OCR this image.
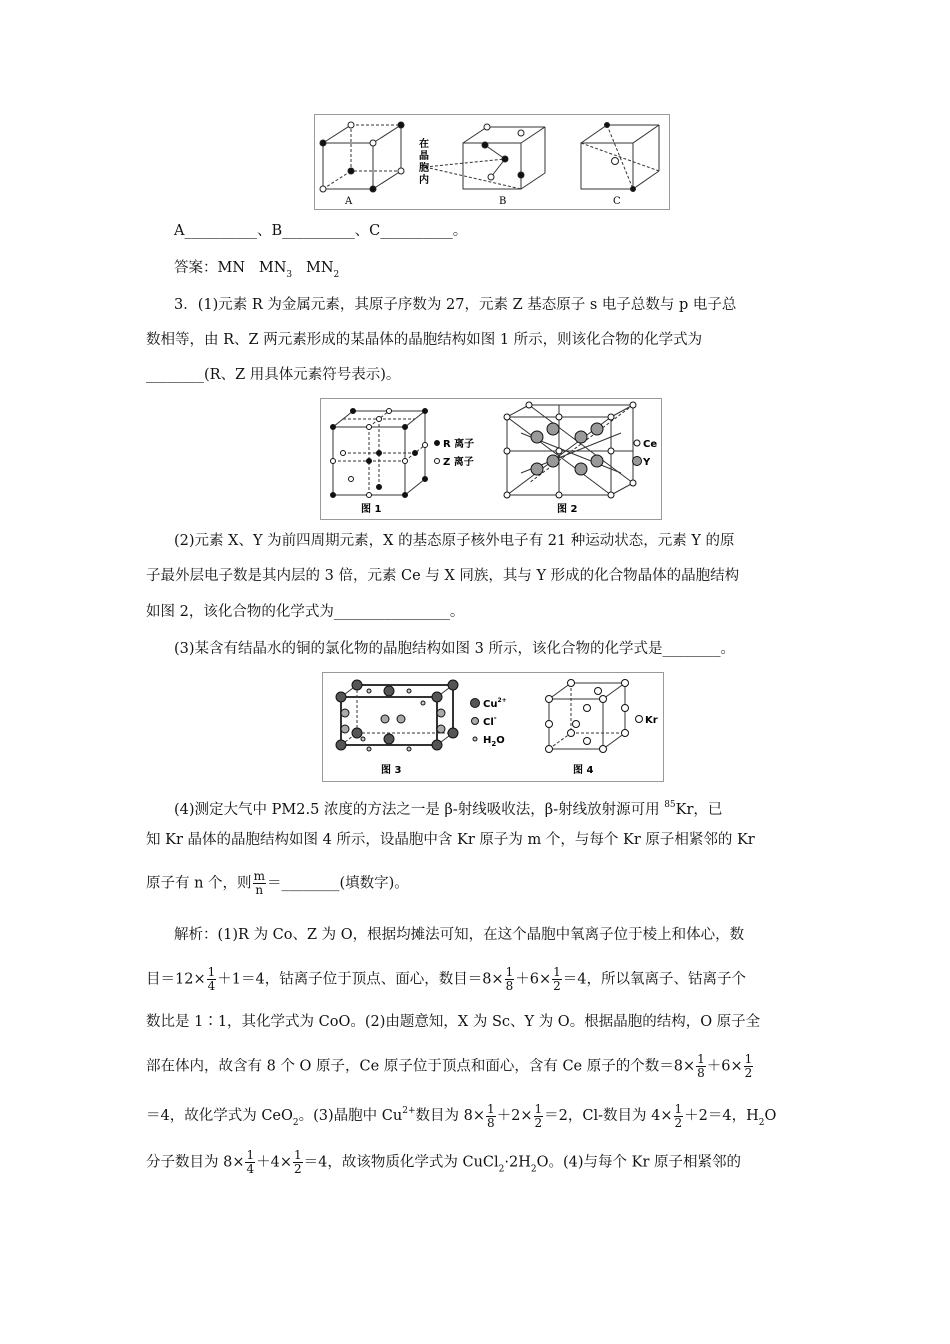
A	B	C
在
晶
胞
内
A__________、B__________、C__________。
答案：MN $MN_3$ $MN_2$
3．(1)元素 R 为金属元素，其原子序数为 27，元素 Z 基态原子 s 电子总数与 p 电子总
数相等，由 R、Z 两元素形成的某晶体的晶胞结构如图 1 所示，则该化合物的化学式为
________(R、Z 用具体元素符号表示)。
R 离子
Z 离子
Ce
Y
图 1	图 2
(2)元素 X、Y 为前四周期元素，X 的基态原子核外电子有 21 种运动状态，元素 Y 的原
子最外层电子数是其内层的 3 倍，元素 Ce 与 X 同族，其与 Y 形成的化合物晶体的晶胞结构
如图 2，该化合物的化学式为________________。
(3)某含有结晶水的铜的氯化物的晶胞结构如图 3 所示，该化合物的化学式是________。
$Cu^{2+}$
Cl-
$H_2O$
Kr
图 3	图 4
(4)测定大气中 PM2.5 浓度的方法之一是 β-射线吸收法，β-射线放射源可用 $^{85}$Kr，已
知 Kr 晶体的晶胞结构如图 4 所示，设晶胞中含 Kr 原子为 m 个，与每个 Kr 原子相紧邻的 Kr
原子有 n 个，则 $\frac{m}{n}$ ＝________(填数字)。
解析：(1)R 为 Co、Z 为 O，根据均摊法可知，在这个晶胞中氧离子位于棱上和体心，数
目$=12\times \frac{1}{4} +1=4$，钴离子位于顶点、面心，数目$=8\times \frac{1}{8} +6\times \frac{1}{2} =4$，所以氧离子、钴离子个
数比是 1∶1，其化学式为 CoO。(2)由题意知，X 为 Sc、Y 为 O。根据晶胞的结构，O 原子全
部在体内，故含有 8 个 O 原子，Ce 原子位于顶点和面心，含有 Ce 原子的个数$=8\times \frac{1}{8} +6\times \frac{1}{2}$
＝4，故化学式为 CeO$_2$。(3)晶胞中 $Cu^{2+}$数目为 $8\times \frac{1}{8} +2\times \frac{1}{2} =2$，Cl-数目为 $4\times \frac{1}{2} +2=4$，$H_2O$
分子数目为 $8\times \frac{1}{4} +4\times \frac{1}{2} =4$，故该物质化学式为 $CuCl_2\cdot 2H_2O$。(4)与每个 Kr 原子相紧邻的
